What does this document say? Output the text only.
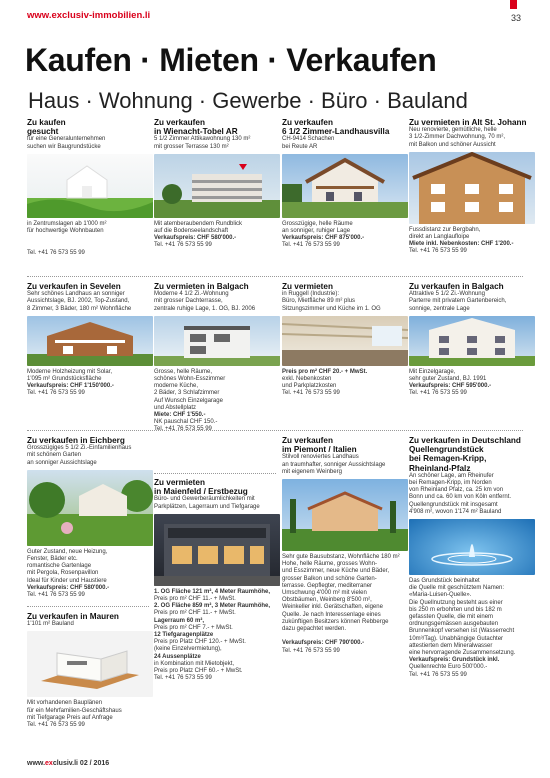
www.exclusiv-immobilien.li	33
Kaufen · Mieten · Verkaufen
Haus · Wohnung · Gewerbe · Büro · Bauland
Zu kaufen
gesucht
für eine Generalunternehmen
suchen wir Baugrundstücke
in Zentrumslagen ab 1'000 m²
für hochwertige Wohnbauten

Tel. +41 76 573 55 99
Zu verkaufen
in Wienacht-Tobel AR
5 1/2 Zimmer Attikawohnung 130 m²
mit grosser Terrasse 130 m²
Mit atemberaubendem Rundblick
auf die Bodenseelandschaft
Verkaufspreis: CHF 580'000.-
Tel. +41 76 573 55 99
Zu verkaufen
6 1/2 Zimmer-Landhausvilla
CH-9414 Schachen
bei Reute AR
Grosszügige, helle Räume
an sonniger, ruhiger Lage
Verkaufspreis: CHF 875'000.-
Tel. +41 76 573 55 99
Zu vermieten in Alt St. Johann
Neu renovierte, gemütliche, helle
3 1/2-Zimmer Dachwohnung, 70 m²,
mit Balkon und schöner Aussicht
Fussdistanz zur Bergbahn,
direkt an Langlaufloipe
Miete inkl. Nebenkosten: CHF 1'200.-
Tel. +41 76 573 55 99
Zu verkaufen in Sevelen
Sehr schönes Landhaus an sonniger
Aussichtslage, BJ. 2002, Top-Zustand,
8 Zimmer, 3 Bäder, 180 m² Wohnfläche
Moderne Holzheizung mit Solar,
1'095 m² Grundstücksfläche
Verkaufspreis: CHF 1'150'000.-
Tel. +41 76 573 55 99
Zu vermieten in Balgach
Moderne 4 1/2 Zi.-Wohnung
mit grosser Dachterrasse,
zentrale ruhige Lage, 1. OG, BJ. 2006
Grosse, helle Räume,
schönes Wohn-Esszimmer
moderne Küche,
2 Bäder, 3 Schlafzimmer
Auf Wunsch Einzelgarage
und Abstellplatz
Miete: CHF 1'550.-
NK pauschal CHF 150.-
Tel. +41 76 573 55 99
Zu vermieten
in Ruggell (Industrie):
Büro, Mietfläche 89 m² plus
Sitzungszimmer und Küche im 1. OG
Preis pro m² CHF 20.- + MwSt.
exkl. Nebenkosten
und Parkplatzkosten
Tel. +41 76 573 55 99
Zu verkaufen in Balgach
Attraktive 5 1/2 Zi.-Wohnung
Parterre mit privatem Gartenbereich,
sonnige, zentrale Lage
Mit Einzelgarage,
sehr guter Zustand, BJ. 1991
Verkaufspreis: CHF 595'000.-
Tel. +41 76 573 55 99
Zu verkaufen in Eichberg
Grosszügiges 5 1/2 Zi.-Einfamilienhaus
mit schönem Garten
an sonniger Aussichtslage
Guter Zustand, neue Heizung,
Fenster, Bäder etc.
romantische Gartenlage
mit Pergola, Rosenpavillon
Ideal für Kinder und Haustiere
Verkaufspreis: CHF 580'000.-
Tel. +41 76 573 55 99
Zu vermieten
in Maienfeld / Erstbezug
Büro- und Gewerberäumlichkeiten mit
Parkplätzen, Lagerraum und Tiefgarage
1. OG Fläche 121 m², 4 Meter Raumhöhe,
Preis pro m² CHF 11.- + MwSt.
2. OG Fläche 859 m², 3 Meter Raumhöhe,
Preis pro m² CHF 11.- + MwSt.
Lagerraum 60 m²,
Preis pro m² CHF 7.- + MwSt.
12 Tiefgaragenplätze
Preis pro Platz CHF 120.- + MwSt.
(keine Einzelvermietung),
24 Aussenplätze
in Kombination mit Mietobjekt,
Preis pro Platz CHF 60.- + MwSt.
Tel. +41 76 573 55 99
Zu verkaufen
im Piemont / Italien
Stilvoll renoviertes Landhaus
an traumhafter, sonniger Aussichtslage
mit eigenem Weinberg
Sehr gute Bausubstanz, Wohnfläche 180 m²
Hohe, helle Räume, grosses Wohn-
und Esszimmer, neue Küche und Bäder,
grosser Balkon und schöne Garten-
terrasse. Gepflegter, mediterraner
Umschwung 4'000 m² mit vielen
Obstbäumen, Weinberg 8'500 m²,
Weinkeller inkl. Gerätschaften, eigene
Quelle. Je nach Interessenlage eines
zukünftigen Besitzers können Rebberge
dazu gepachtet werden.

Verkaufspreis: CHF 790'000.-
Tel. +41 76 573 55 99
Zu verkaufen in Deutschland
Quellengrundstück
bei Remagen-Kripp,
Rheinland-Pfalz
An schöner Lage, am Rheinufer
bei Remagen-Kripp, im Norden
von Rheinland Pfalz, ca. 25 km von
Bonn und ca. 60 km von Köln entfernt.
Quellengrundstück mit insgesamt
4'908 m², wovon 1'174 m² Bauland
Das Grundstück beinhaltet
die Quelle mit geschütztem Namen:
«Maria-Luisen-Quelle».
Die Quellnutzung besteht aus einer
bis 250 m erbohrten und bis 182 m
gefassten Quelle, die mit einem
ordnungsgemässen ausgebauten
Brunnenkopf versehen ist (Wasserrecht
10m³/Tag). Unabhängige Gutachter
attestierten dem Mineralwasser
eine hervorragende Zusammensetzung.
Verkaufspreis: Grundstück inkl.
Quellenrechte Euro 500'000.-
Tel. +41 76 573 55 99
Zu verkaufen in Mauren
1'101 m² Bauland
Mit vorhandenen Bauplänen
für ein Mehrfamilien-Geschäftshaus
mit Tiefgarage Preis auf Anfrage
Tel. +41 76 573 55 99
www.exclusiv.li 02 / 2016
